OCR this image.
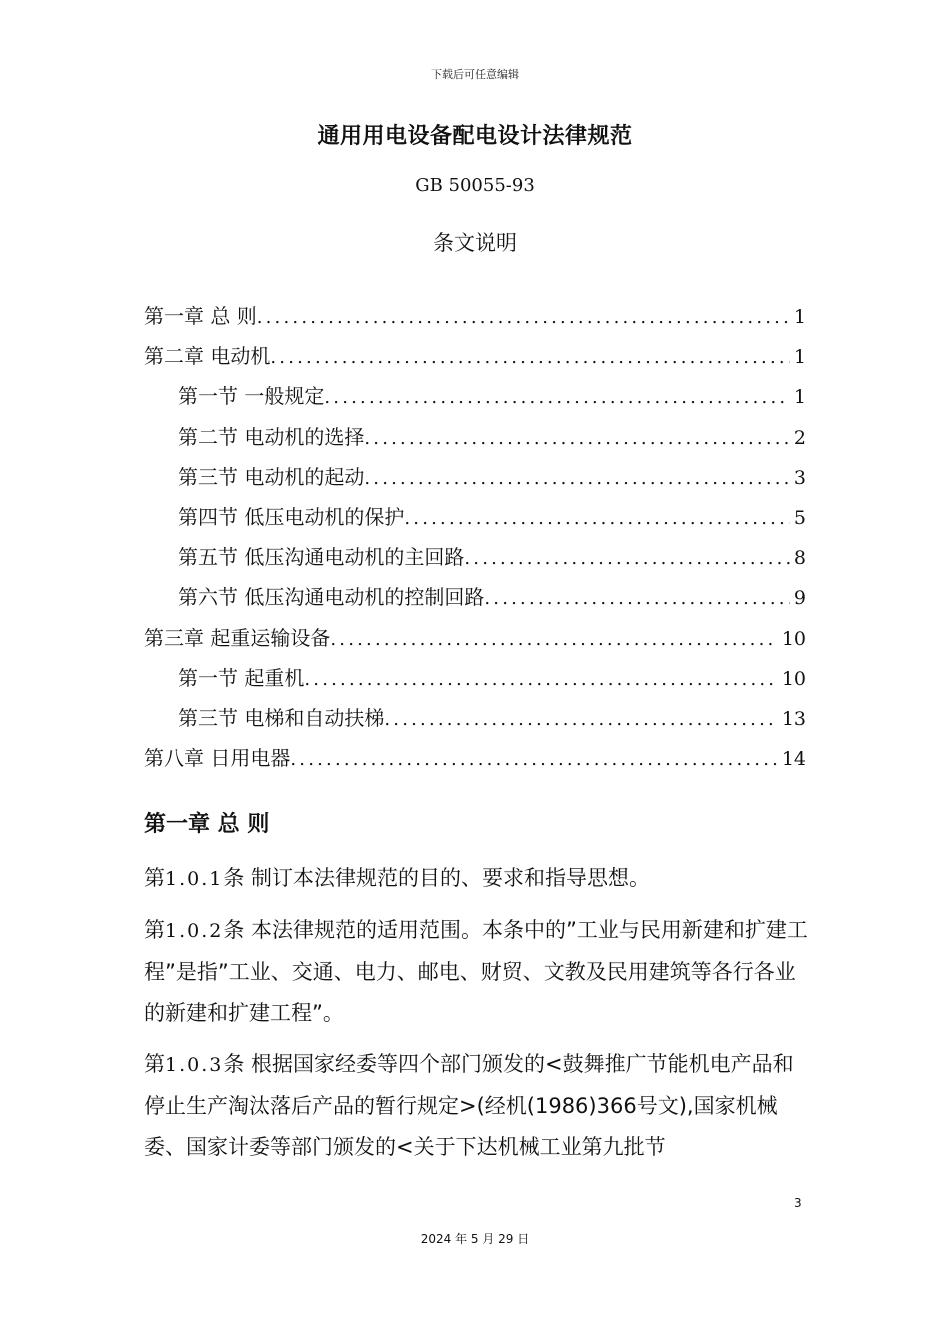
下载后可任意编辑
通用用电设备配电设计法律规范
GB 50055-93
条文说明
第一章 总 则 .....	1
第二章 电动机 .....	1
第一节 一般规定 .....	1
第二节 电动机的选择 .....	2
第三节 电动机的起动 .....	3
第四节 低压电动机的保护 .....	5
第五节 低压沟通电动机的主回路 .....	8
第六节 低压沟通电动机的控制回路 .....	9
第三章 起重运输设备 .....	10
第一节 起重机 .....	10
第三节 电梯和自动扶梯 .....	13
第八章 日用电器 .....	14
第一章 总 则

第1.0.1条 制订本法律规范的目的、要求和指导思想。

第1.0.2条 本法律规范的适用范围。本条中的”工业与民用新建和扩建工程”是指”工业、交通、电力、邮电、财贸、文教及民用建筑等各行各业的新建和扩建工程”。

第1.0.3条 根据国家经委等四个部门颁发的<鼓舞推广节能机电产品和停止生产淘汰落后产品的暂行规定>(经机(1986)366号文),国家机械委、国家计委等部门颁发的<关于下达机械工业第九批节

3
2024 年 5 月 29 日
